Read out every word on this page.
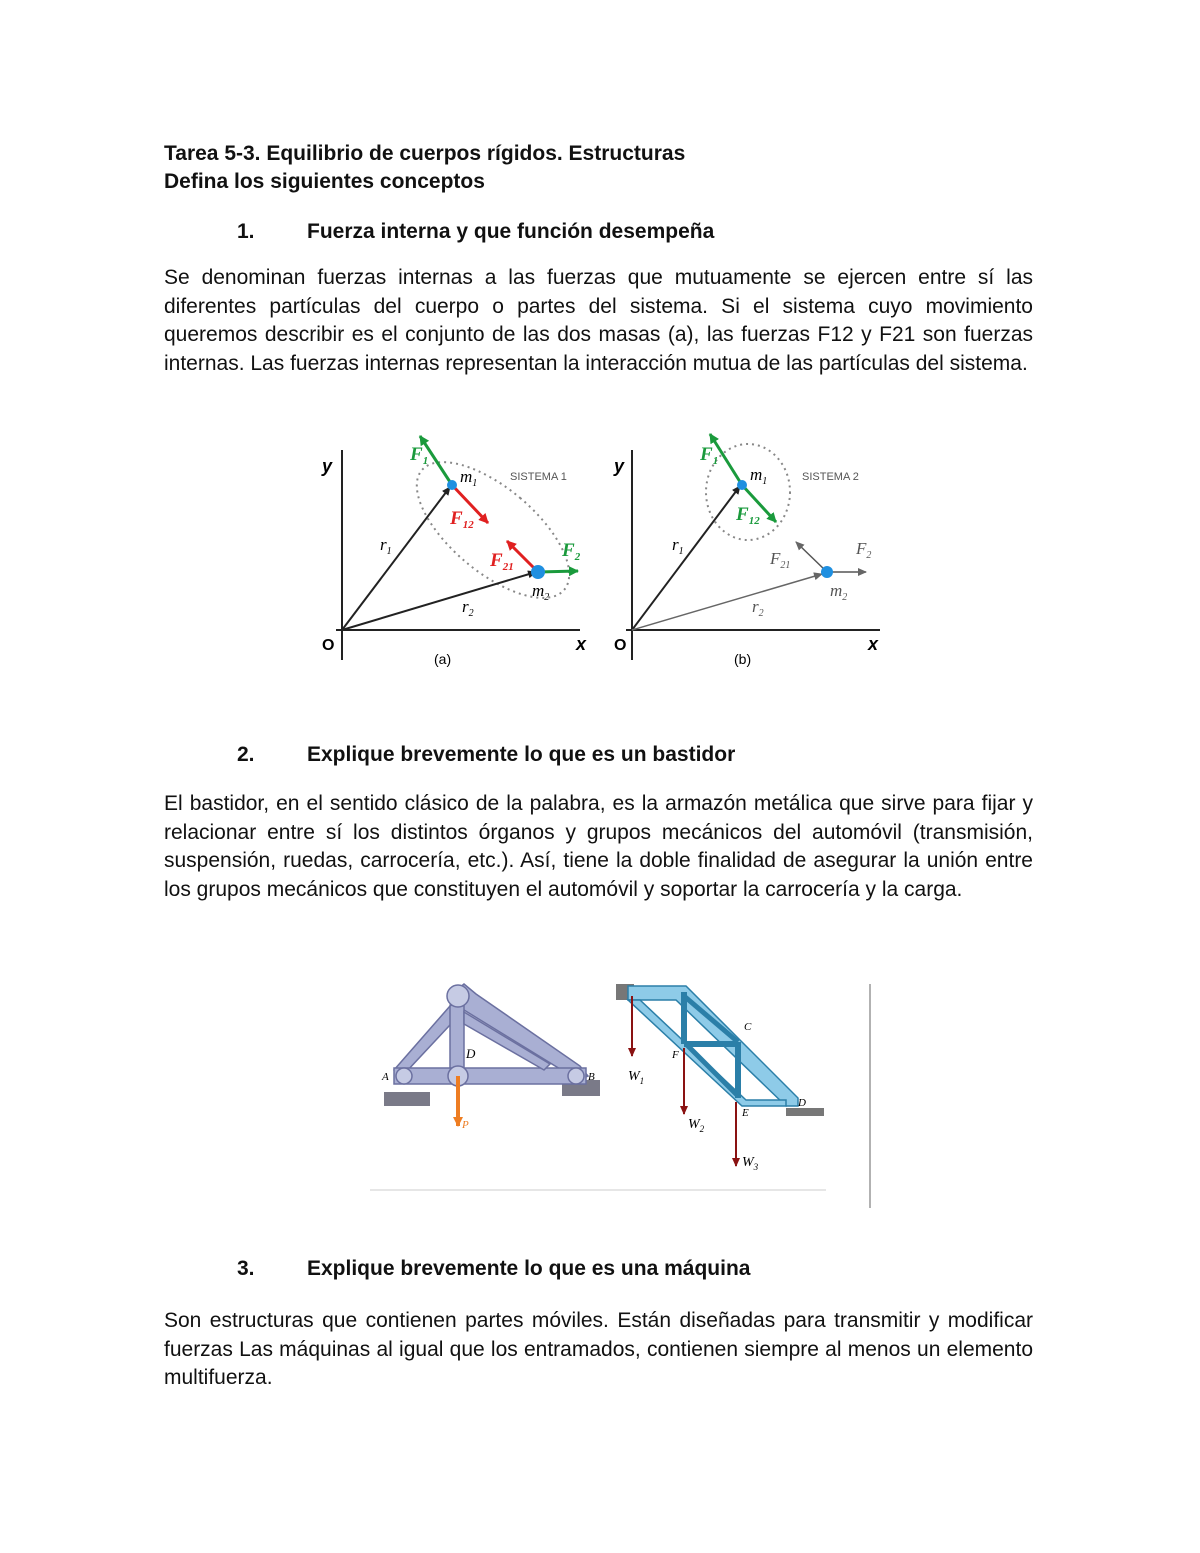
Tarea 5-3. Equilibrio de cuerpos rígidos. Estructuras
Defina los siguientes conceptos
1. Fuerza interna y que función desempeña

Se denominan fuerzas internas a las fuerzas que mutuamente se ejercen entre sí las diferentes partículas del cuerpo o partes del sistema. Si el sistema cuyo movimiento queremos describir es el conjunto de las dos masas (a), las fuerzas F12 y F21 son fuerzas internas. Las fuerzas internas representan la interacción mutua de las partículas del sistema.

y
x
O
$F_1$
$F_{12}$
$F_{21}$
$F_2$
$r_1$
$r_2$
$m_1$
$m_2$
SISTEMA 1
(a)
y
x
O
$F_1$
$F_{12}$
$F_{21}$
$F_2$
$r_1$
$r_2$
$m_1$
$m_2$
SISTEMA 2
(b)
2. Explique brevemente lo que es un bastidor

El bastidor, en el sentido clásico de la palabra, es la armazón metálica que sirve para fijar y relacionar entre sí los distintos órganos y grupos mecánicos del automóvil (transmisión, suspensión, ruedas, carrocería, etc.). Así, tiene la doble finalidad de asegurar la unión entre los grupos mecánicos que constituyen el automóvil y soportar la carrocería y la carga.

A	B
D
P
C
F
E
D
$W_1$
$W_2$
$W_3$
3. Explique brevemente lo que es una máquina

Son estructuras que contienen partes móviles. Están diseñadas para transmitir y modificar fuerzas Las máquinas al igual que los entramados, contienen siempre al menos un elemento multifuerza.
